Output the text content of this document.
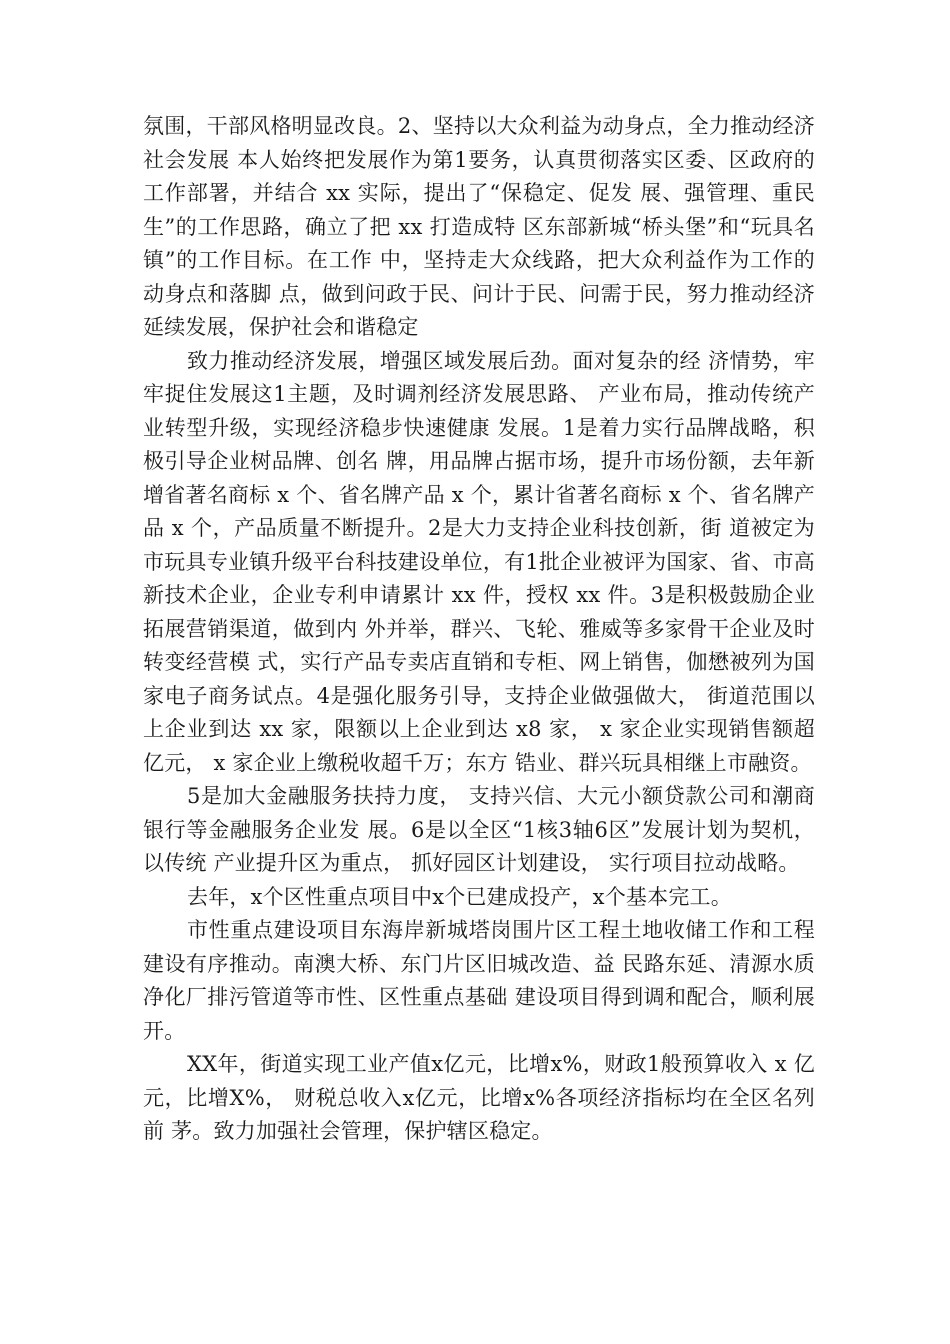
氛围，干部风格明显改良。2、坚持以大众利益为动身点，全力推动经济社会发展 本人始终把发展作为第1要务，认真贯彻落实区委、区政府的工作部署，并结合 xx 实际，提出了“保稳定、促发 展、强管理、重民生”的工作思路，确立了把 xx 打造成特 区东部新城“桥头堡”和“玩具名镇”的工作目标。在工作 中，坚持走大众线路，把大众利益作为工作的动身点和落脚 点，做到问政于民、问计于民、问需于民，努力推动经济延续发展，保护社会和谐稳定

致力推动经济发展，增强区域发展后劲。面对复杂的经 济情势，牢牢捉住发展这1主题，及时调剂经济发展思路、 产业布局，推动传统产业转型升级，实现经济稳步快速健康 发展。1是着力实行品牌战略，积极引导企业树品牌、创名 牌，用品牌占据市场，提升市场份额，去年新增省著名商标 x 个、省名牌产品 x 个，累计省著名商标 x 个、省名牌产品 x 个，产品质量不断提升。2是大力支持企业科技创新，街 道被定为市玩具专业镇升级平台科技建设单位，有1批企业被评为国家、省、市高新技术企业，企业专利申请累计 xx 件，授权 xx 件。3是积极鼓励企业拓展营销渠道，做到内 外并举，群兴、飞轮、雅威等多家骨干企业及时转变经营模 式，实行产品专卖店直销和专柜、网上销售，伽懋被列为国 家电子商务试点。4是强化服务引导，支持企业做强做大， 街道范围以上企业到达 xx 家，限额以上企业到达 x8 家， x 家企业实现销售额超亿元， x 家企业上缴税收超千万；东方 锆业、群兴玩具相继上市融资。

5是加大金融服务扶持力度， 支持兴信、大元小额贷款公司和潮商银行等金融服务企业发 展。6是以全区“1核3轴6区”发展计划为契机，以传统 产业提升区为重点， 抓好园区计划建设， 实行项目拉动战略。

去年，x个区性重点项目中x个已建成投产，x个基本完工。

市性重点建设项目东海岸新城塔岗围片区工程土地收储工作和工程建设有序推动。南澳大桥、东门片区旧城改造、益 民路东延、清源水质净化厂排污管道等市性、区性重点基础 建设项目得到调和配合，顺利展开。

XX年，街道实现工业产值x亿元，比增x%，财政1般预算收入 x 亿元，比增X%， 财税总收入x亿元，比增x%各项经济指标均在全区名列前 茅。致力加强社会管理，保护辖区稳定。
